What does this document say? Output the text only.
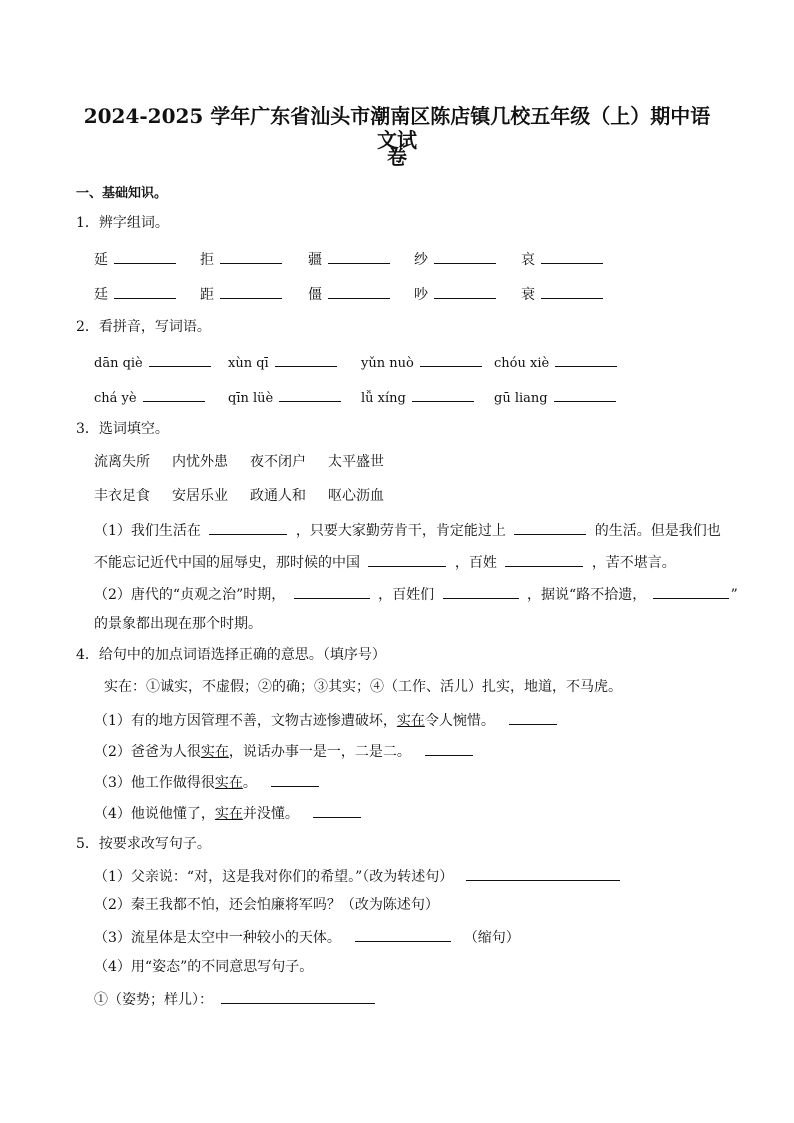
2024-2025 学年广东省汕头市潮南区陈店镇几校五年级（上）期中语文试
卷
一、基础知识。
1．辨字组词。
延	拒	疆	纱	哀
廷	距	僵	吵	衰
2．看拼音，写词语。
dān qiè	xùn qī	yǔn nuò	chóu xiè
chá yè	qīn lüè	lǚ xíng	gū liang
3．选词填空。
流离失所 内忧外患 夜不闭户 太平盛世
丰衣足食 安居乐业 政通人和 呕心沥血
（1）我们生活在	，只要大家勤劳肯干，肯定能过上	的生活。但是我们也
不能忘记近代中国的屈辱史，那时候的中国	，百姓	，苦不堪言。
（2）唐代的“贞观之治”时期，	，百姓们	，据说“路不拾遗，	”
的景象都出现在那个时期。
4．给句中的加点词语选择正确的意思。（填序号）
实在：①诚实，不虚假；②的确；③其实；④（工作、活儿）扎实，地道，不马虎。
（1）有的地方因管理不善，文物古迹惨遭破坏，实在令人惋惜。
（2）爸爸为人很实在，说话办事一是一，二是二。
（3）他工作做得很实在。
（4）他说他懂了，实在并没懂。
5．按要求改写句子。
（1）父亲说：“对，这是我对你们的希望。”（改为转述句）
（2）秦王我都不怕，还会怕廉将军吗？（改为陈述句）
（3）流星体是太空中一种较小的天体。	（缩句）
（4）用“姿态”的不同意思写句子。
①（姿势；样儿）：
